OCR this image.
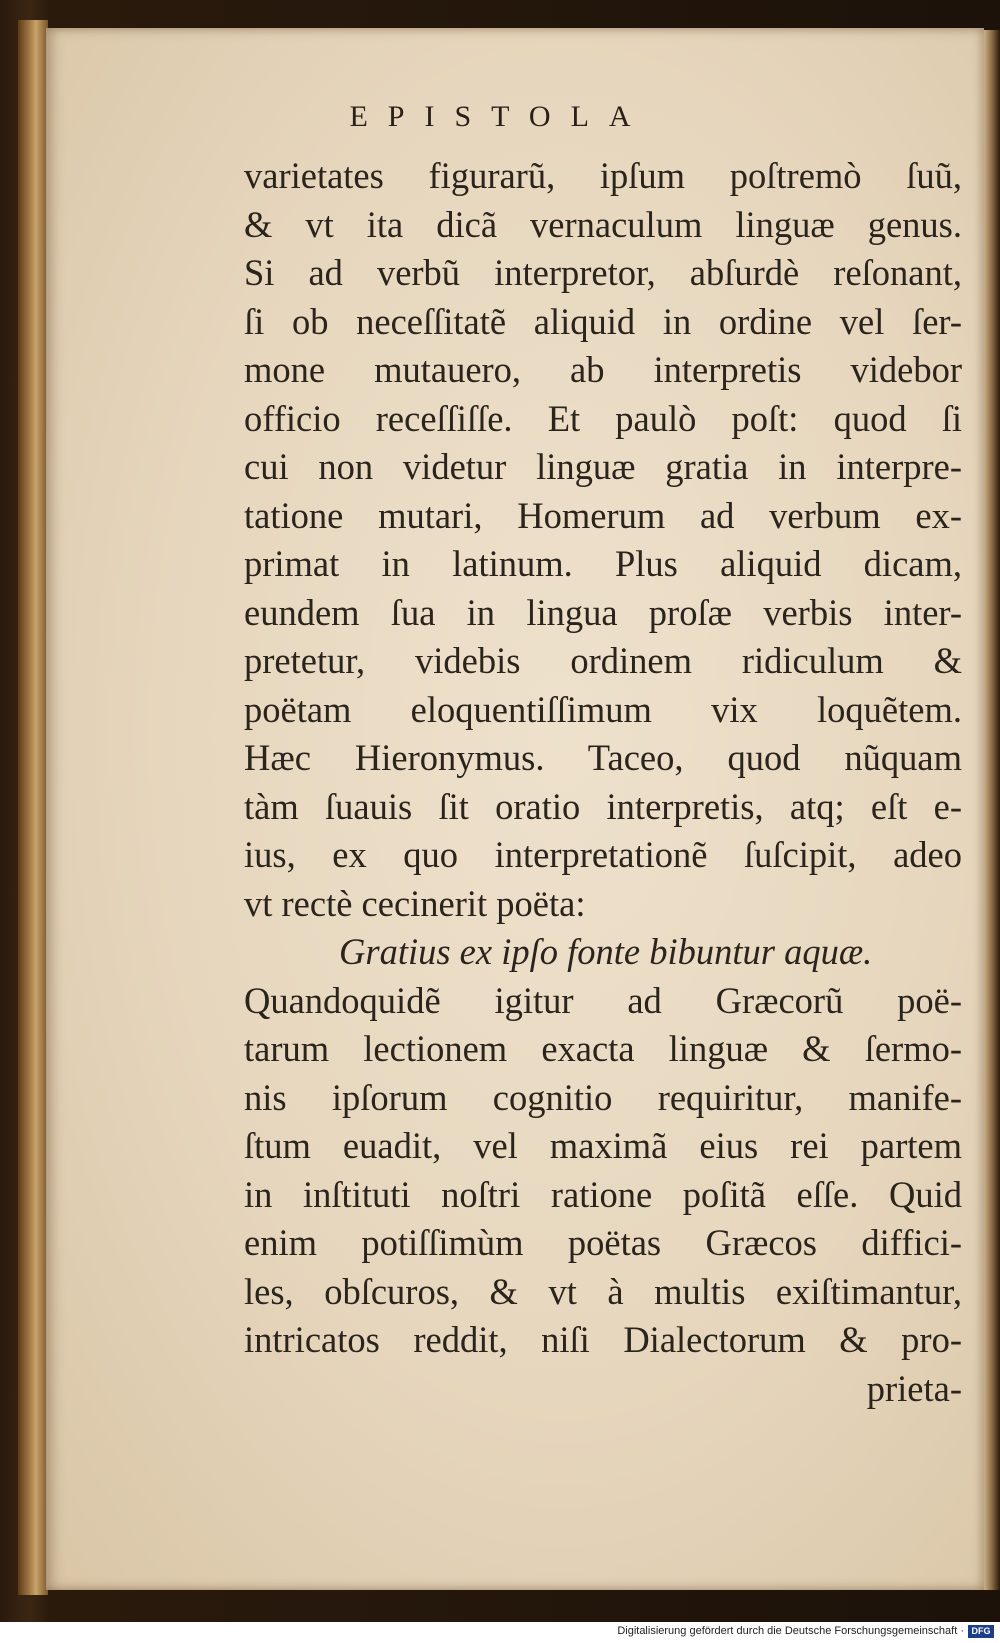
EPISTOLA
varietates figurarũ, ipſum poſtremò ſuũ,
& vt ita dicã vernaculum linguæ genus.
Si ad verbũ interpretor, abſurdè reſonant,
ſi ob neceſſitatẽ aliquid in ordine vel ſer-
mone mutauero, ab interpretis videbor
officio receſſiſſe. Et paulò poſt: quod ſi
cui non videtur linguæ gratia in interpre-
tatione mutari, Homerum ad verbum ex-
primat in latinum. Plus aliquid dicam,
eundem ſua in lingua proſæ verbis inter-
pretetur, videbis ordinem ridiculum &
poëtam eloquentiſſimum vix loquẽtem.
Hæc Hieronymus. Taceo, quod nũquam
tàm ſuauis ſit oratio interpretis, atq; eſt e-
ius, ex quo interpretationẽ ſuſcipit, adeo
vt rectè cecinerit poëta:
Gratius ex ipſo fonte bibuntur aquæ.
Quandoquidẽ igitur ad Græcorũ poë-
tarum lectionem exacta linguæ & ſermo-
nis ipſorum cognitio requiritur, manife-
ſtum euadit, vel maximã eius rei partem
in inſtituti noſtri ratione poſitã eſſe. Quid
enim potiſſimùm poëtas Græcos diffici-
les, obſcuros, & vt à multis exiſtimantur,
intricatos reddit, niſi Dialectorum & pro-
prieta-
Digitalisierung gefördert durch die Deutsche Forschungsgemeinschaft · DFG
